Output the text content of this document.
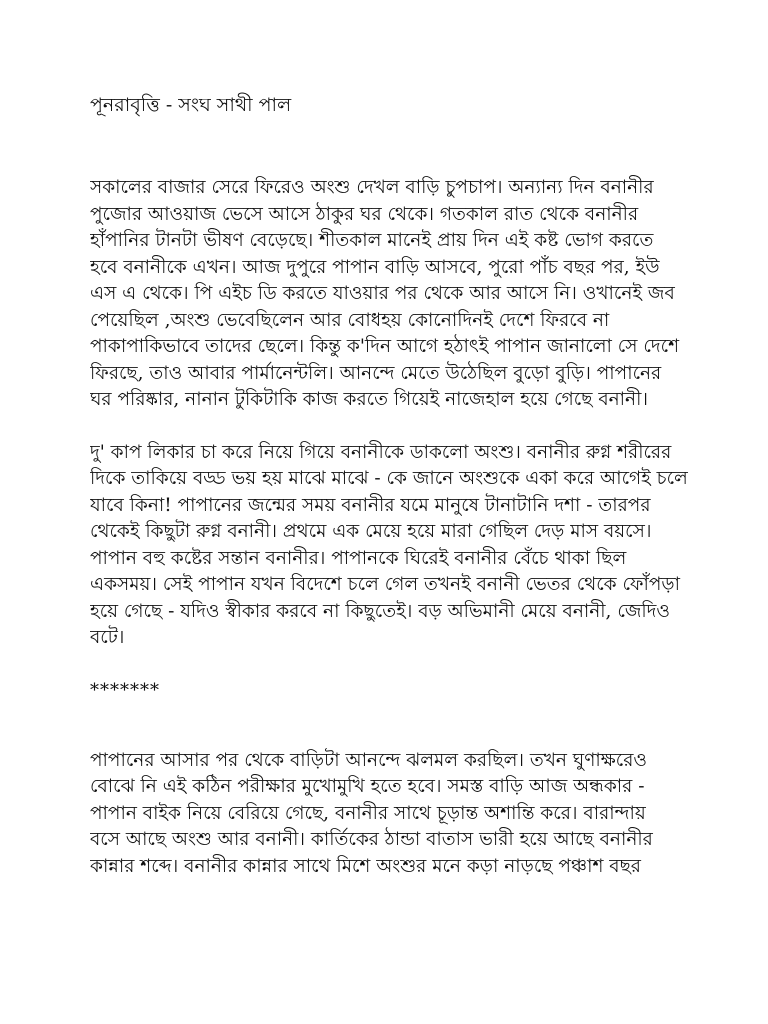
পূনরাবৃত্তি - সংঘ সাথী পাল
সকালের বাজার সেরে ফিরেও অংশু দেখল বাড়ি চুপচাপ। অন্যান্য দিন বনানীর
পুজোর আওয়াজ ভেসে আসে ঠাকুর ঘর থেকে। গতকাল রাত থেকে বনানীর
হাঁপানির টানটা ভীষণ বেড়েছে। শীতকাল মানেই প্রায় দিন এই কষ্ট ভোগ করতে
হবে বনানীকে এখন। আজ দুপুরে পাপান বাড়ি আসবে, পুরো পাঁচ বছর পর, ইউ
এস এ থেকে। পি এইচ ডি করতে যাওয়ার পর থেকে আর আসে নি। ওখানেই জব
পেয়েছিল ,অংশু ভেবেছিলেন আর বোধহয় কোনোদিনই দেশে ফিরবে না
পাকাপাকিভাবে তাদের ছেলে। কিন্তু ক'দিন আগে হঠাৎই পাপান জানালো সে দেশে
ফিরছে, তাও আবার পার্মানেন্টলি। আনন্দে মেতে উঠেছিল বুড়ো বুড়ি। পাপানের
ঘর পরিষ্কার, নানান টুকিটাকি কাজ করতে গিয়েই নাজেহাল হয়ে গেছে বনানী।
দু' কাপ লিকার চা করে নিয়ে গিয়ে বনানীকে ডাকলো অংশু। বনানীর রুগ্ন শরীরের
দিকে তাকিয়ে বড্ড ভয় হয় মাঝে মাঝে - কে জানে অংশুকে একা করে আগেই চলে
যাবে কিনা! পাপানের জন্মের সময় বনানীর যমে মানুষে টানাটানি দশা - তারপর
থেকেই কিছুটা রুগ্ন বনানী। প্রথমে এক মেয়ে হয়ে মারা গেছিল দেড় মাস বয়সে।
পাপান বহু কষ্টের সন্তান বনানীর। পাপানকে ঘিরেই বনানীর বেঁচে থাকা ছিল
একসময়। সেই পাপান যখন বিদেশে চলে গেল তখনই বনানী ভেতর থেকে ফোঁপড়া
হয়ে গেছে - যদিও স্বীকার করবে না কিছুতেই। বড় অভিমানী মেয়ে বনানী, জেদিও
বটে।
*******
পাপানের আসার পর থেকে বাড়িটা আনন্দে ঝলমল করছিল। তখন ঘুণাক্ষরেও
বোঝে নি এই কঠিন পরীক্ষার মুখোমুখি হতে হবে। সমস্ত বাড়ি আজ অন্ধকার -
পাপান বাইক নিয়ে বেরিয়ে গেছে, বনানীর সাথে চূড়ান্ত অশান্তি করে। বারান্দায়
বসে আছে অংশু আর বনানী। কার্তিকের ঠান্ডা বাতাস ভারী হয়ে আছে বনানীর
কান্নার শব্দে। বনানীর কান্নার সাথে মিশে অংশুর মনে কড়া নাড়ছে পঞ্চাশ বছর
